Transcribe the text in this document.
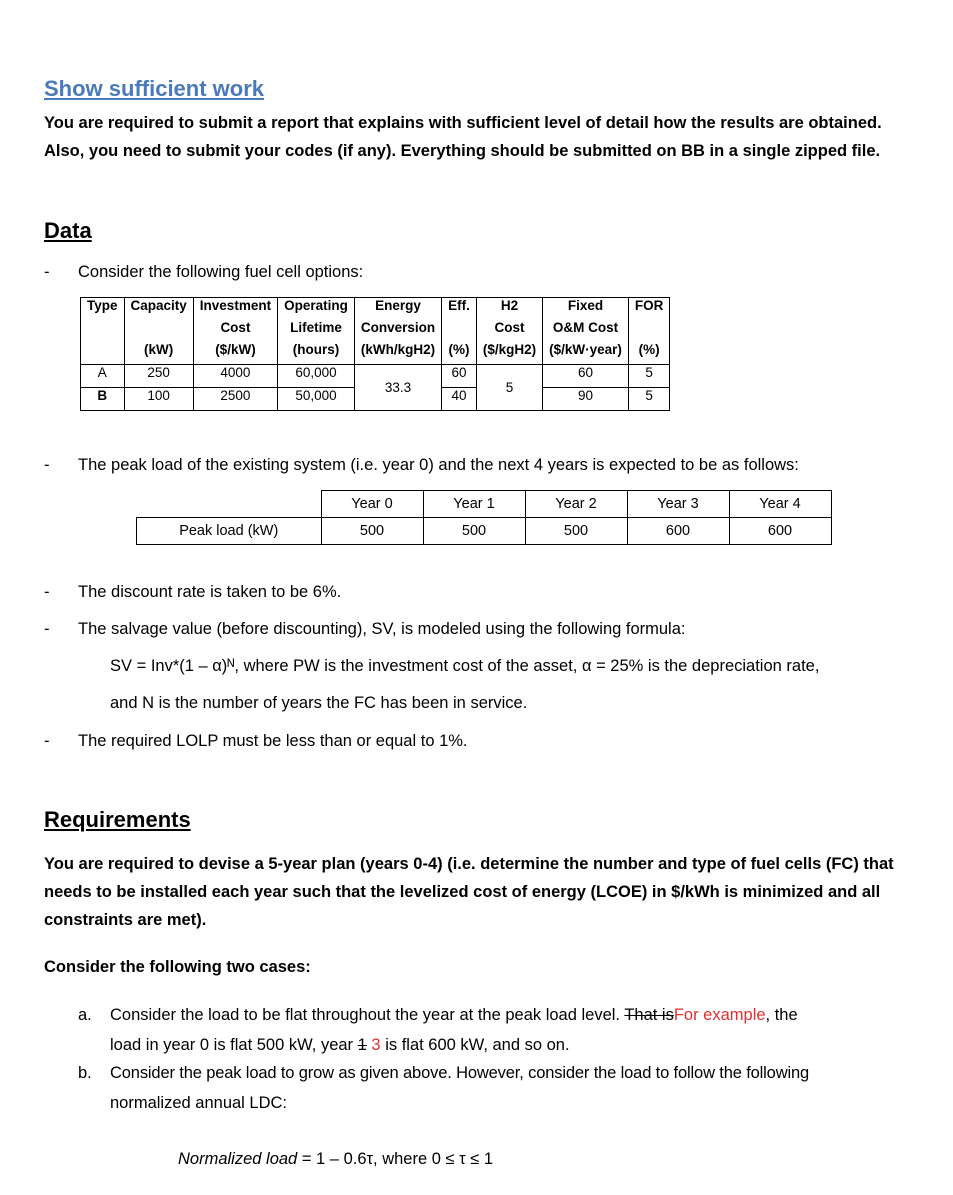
Show sufficient work
You are required to submit a report that explains with sufficient level of detail how the results are obtained. Also, you need to submit your codes (if any). Everything should be submitted on BB in a single zipped file.
Data
- Consider the following fuel cell options:
Type	Capacity	Investment	Operating	Energy	Eff.	H2	Fixed	FOR
		Cost	Lifetime	Conversion		Cost	O&M Cost	
	(kW)	($/kW)	(hours)	(kWh/kgH2)	(%)	($/kgH2)	($/kW·year)	(%)
A	250	4000	60,000	33.3	60	5	60	5
B	100	2500	50,000		40		90	5
- The peak load of the existing system (i.e. year 0) and the next 4 years is expected to be as follows:
	Year 0	Year 1	Year 2	Year 3	Year 4
Peak load (kW)	500	500	500	600	600
- The discount rate is taken to be 6%.
- The salvage value (before discounting), SV, is modeled using the following formula:
SV = Inv*(1 – α)ᴺ, where PW is the investment cost of the asset, α = 25% is the depreciation rate,
and N is the number of years the FC has been in service.
- The required LOLP must be less than or equal to 1%.
Requirements
You are required to devise a 5-year plan (years 0-4) (i.e. determine the number and type of fuel cells (FC) that needs to be installed each year such that the levelized cost of energy (LCOE) in $/kWh is minimized and all constraints are met).
Consider the following two cases:
a. Consider the load to be flat throughout the year at the peak load level. That isFor example, the
load in year 0 is flat 500 kW, year 1 3 is flat 600 kW, and so on.
b. Consider the peak load to grow as given above. However, consider the load to follow the following
normalized annual LDC:
Normalized load = 1 – 0.6τ, where 0 ≤ τ ≤ 1
